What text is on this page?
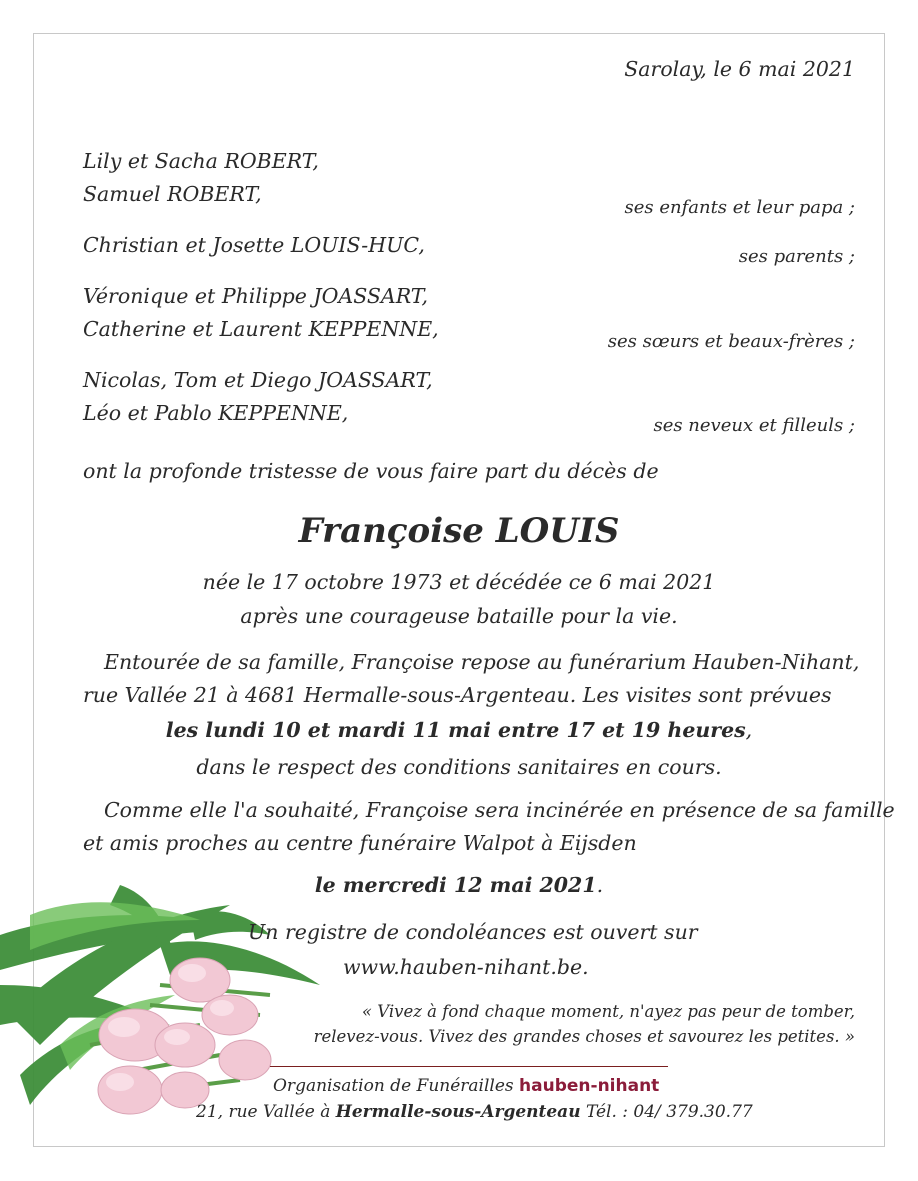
Sarolay, le 6 mai 2021
Lily et Sacha ROBERT,
Samuel ROBERT,
ses enfants et leur papa ;
Christian et Josette LOUIS-HUC,	ses parents ;
Véronique et Philippe JOASSART,
Catherine et Laurent KEPPENNE,
ses sœurs et beaux-frères ;
Nicolas, Tom et Diego JOASSART,
Léo et Pablo KEPPENNE,
ses neveux et filleuls ;
ont la profonde tristesse de vous faire part du décès de
Françoise LOUIS
née le 17 octobre 1973 et décédée ce 6 mai 2021
après une courageuse bataille pour la vie.
Entourée de sa famille, Françoise repose au funérarium Hauben-Nihant,
rue Vallée 21 à 4681 Hermalle-sous-Argenteau. Les visites sont prévues
les lundi 10 et mardi 11 mai entre 17 et 19 heures,
dans le respect des conditions sanitaires en cours.
Comme elle l'a souhaité, Françoise sera incinérée en présence de sa famille
et amis proches au centre funéraire Walpot à Eijsden
le mercredi 12 mai 2021.
Un registre de condoléances est ouvert sur
www.hauben-nihant.be.
« Vivez à fond chaque moment, n'ayez pas peur de tomber,
relevez-vous. Vivez des grandes choses et savourez les petites. »
Organisation de Funérailles hauben-nihant
21, rue Vallée à Hermalle-sous-Argenteau Tél. : 04/ 379.30.77
